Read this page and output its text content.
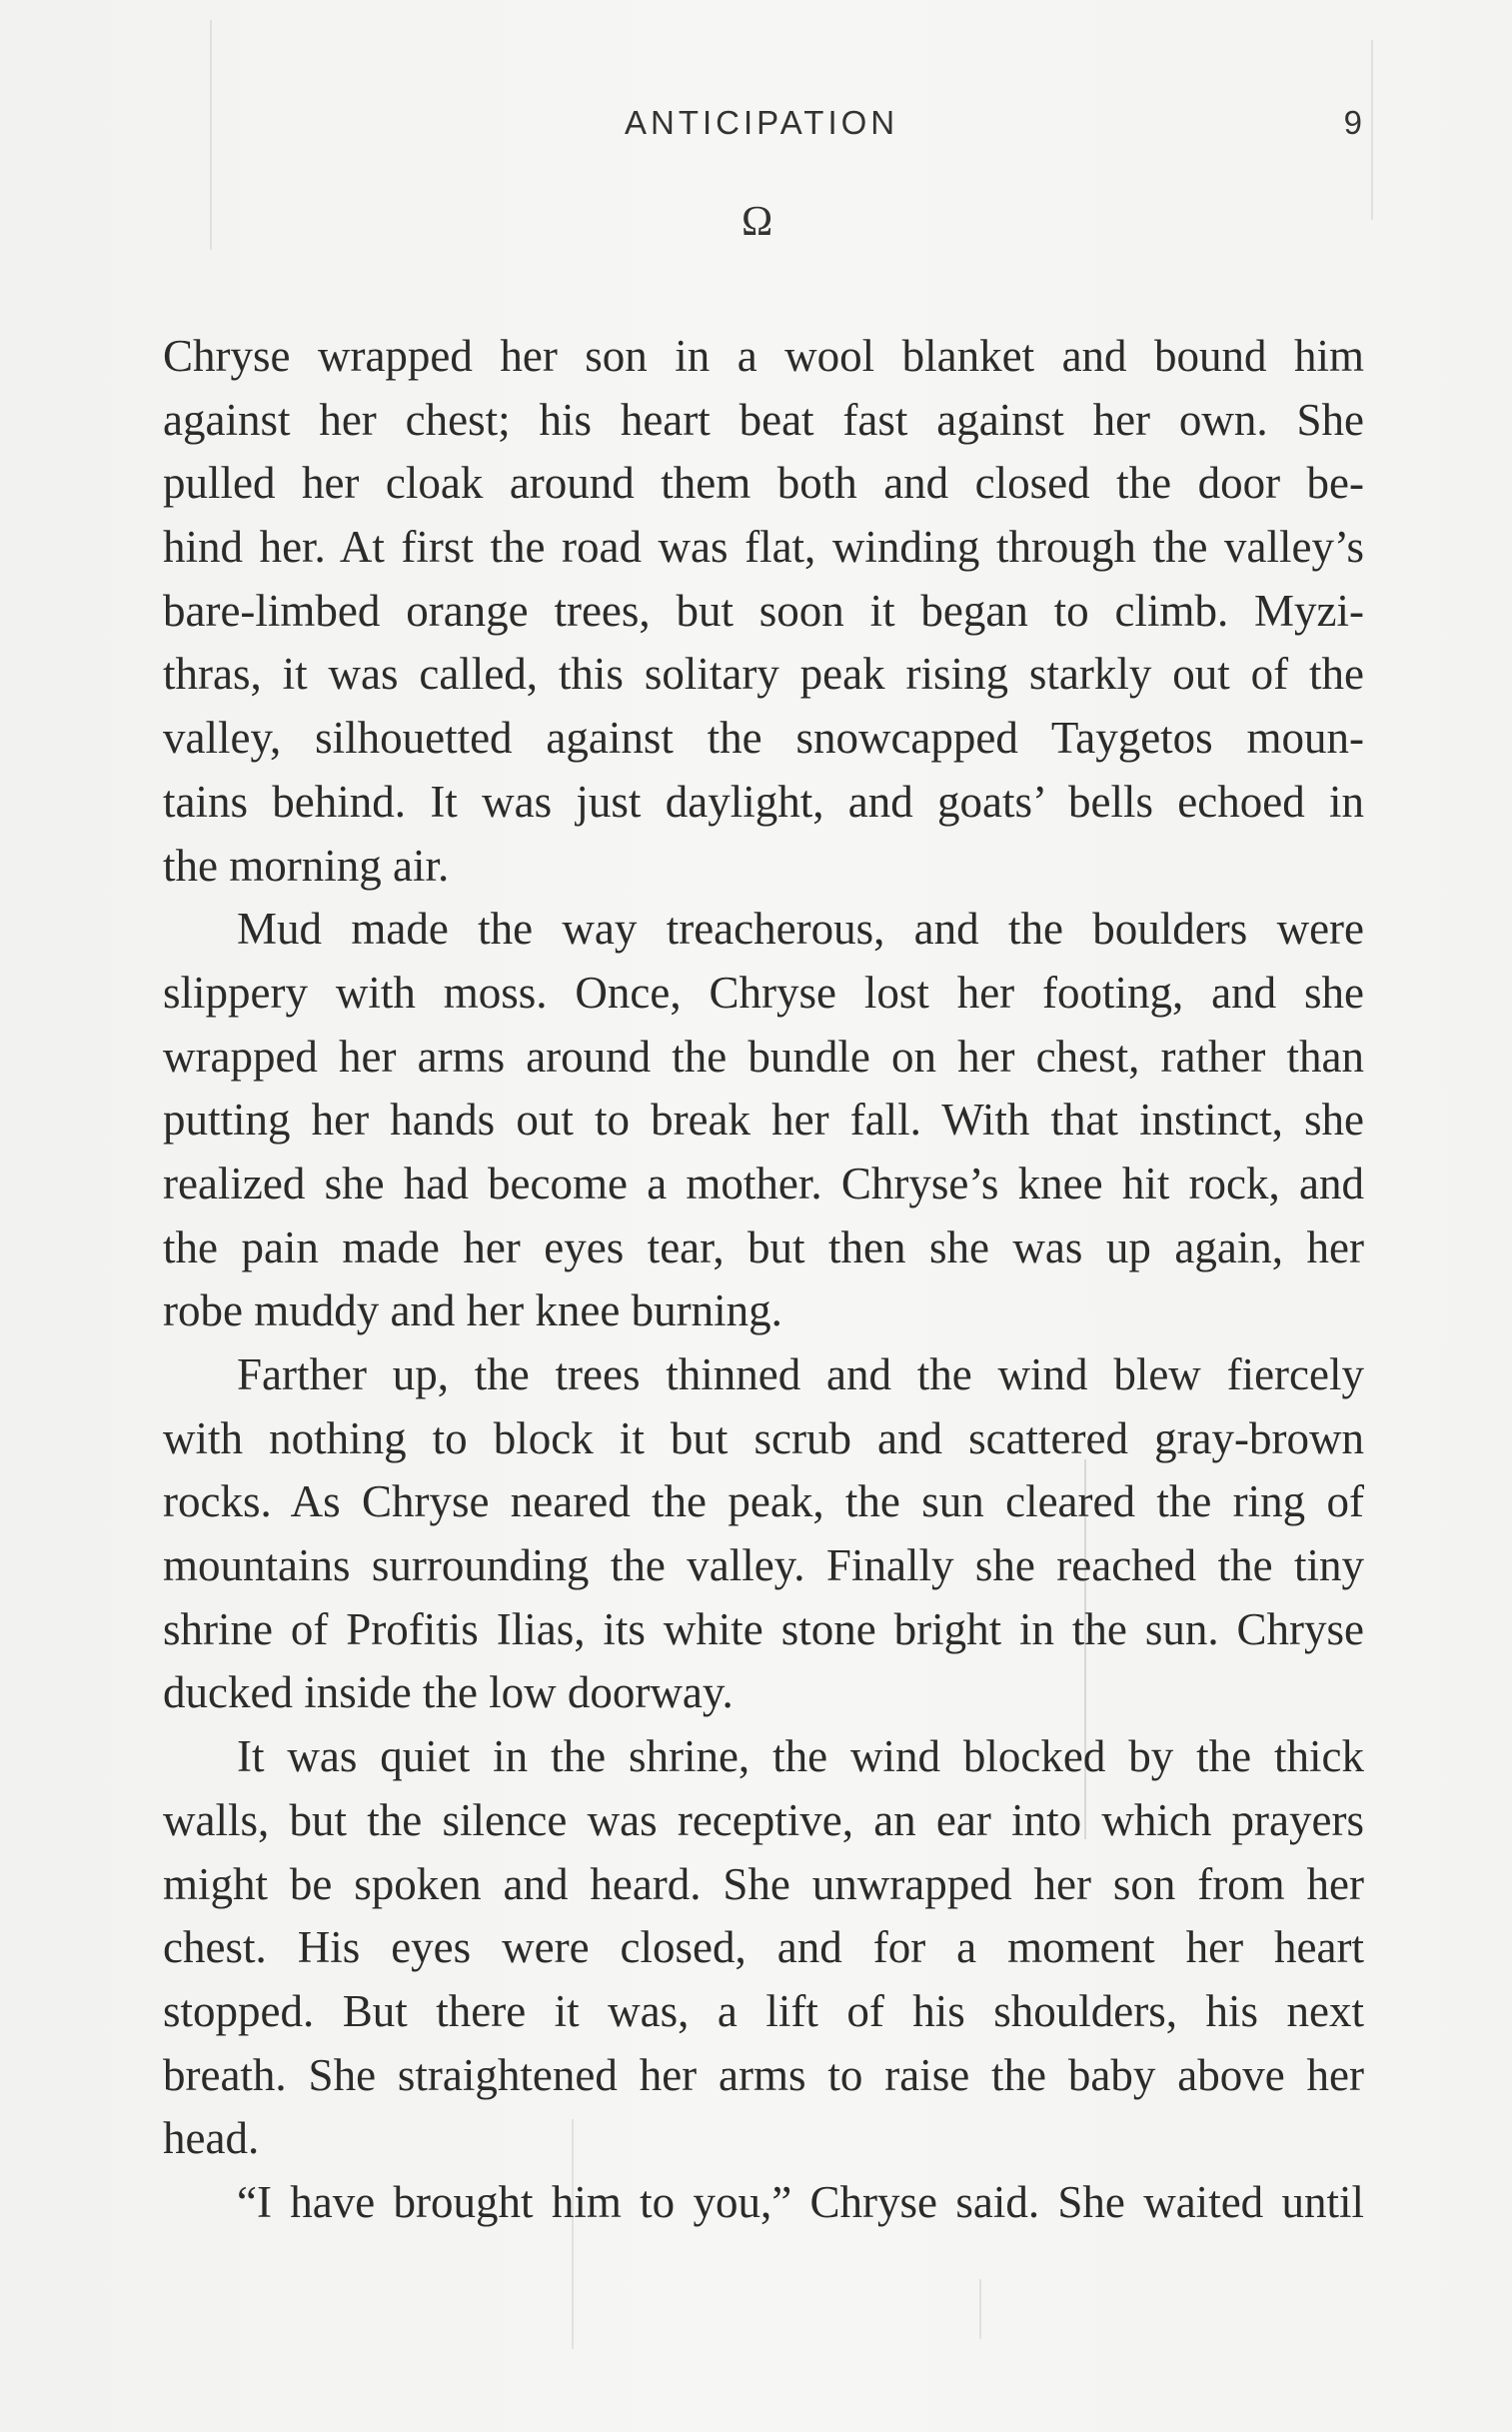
ANTICIPATION	9
Ω
Chryse wrapped her son in a wool blanket and bound him
against her chest; his heart beat fast against her own. She
pulled her cloak around them both and closed the door be-
hind her. At first the road was flat, winding through the valley’s
bare-limbed orange trees, but soon it began to climb. Myzi-
thras, it was called, this solitary peak rising starkly out of the
valley, silhouetted against the snowcapped Taygetos moun-
tains behind. It was just daylight, and goats’ bells echoed in
the morning air.
Mud made the way treacherous, and the boulders were
slippery with moss. Once, Chryse lost her footing, and she
wrapped her arms around the bundle on her chest, rather than
putting her hands out to break her fall. With that instinct, she
realized she had become a mother. Chryse’s knee hit rock, and
the pain made her eyes tear, but then she was up again, her
robe muddy and her knee burning.
Farther up, the trees thinned and the wind blew fiercely
with nothing to block it but scrub and scattered gray-brown
rocks. As Chryse neared the peak, the sun cleared the ring of
mountains surrounding the valley. Finally she reached the tiny
shrine of Profitis Ilias, its white stone bright in the sun. Chryse
ducked inside the low doorway.
It was quiet in the shrine, the wind blocked by the thick
walls, but the silence was receptive, an ear into which prayers
might be spoken and heard. She unwrapped her son from her
chest. His eyes were closed, and for a moment her heart
stopped. But there it was, a lift of his shoulders, his next
breath. She straightened her arms to raise the baby above her
head.
“I have brought him to you,” Chryse said. She waited until
